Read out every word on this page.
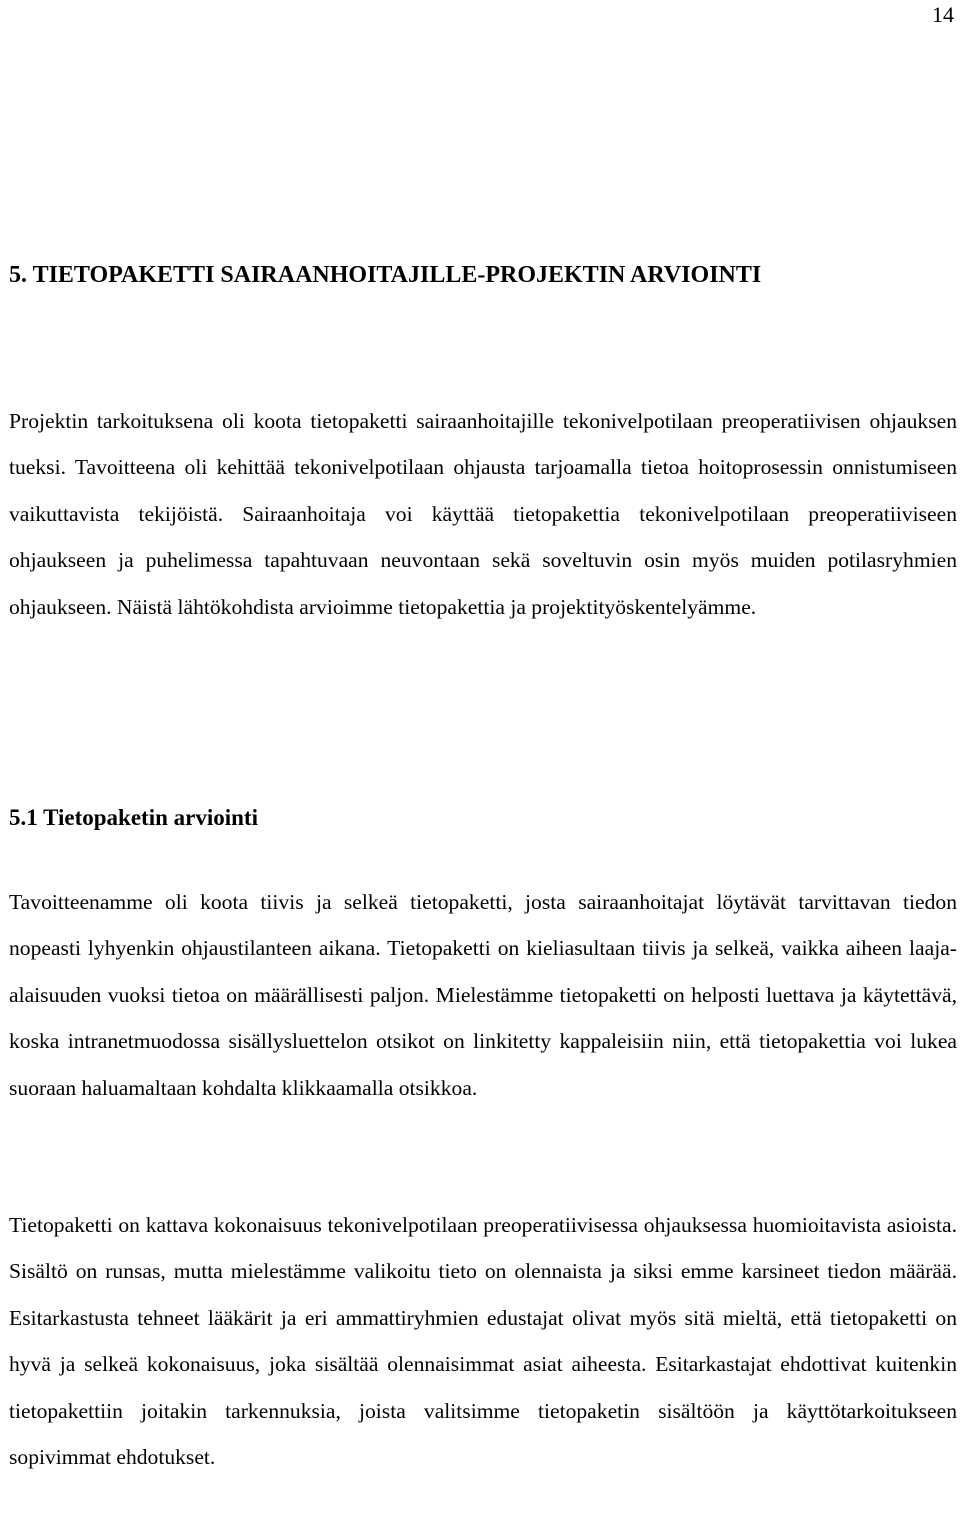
14
5. TIETOPAKETTI SAIRAANHOITAJILLE-PROJEKTIN ARVIOINTI

Projektin tarkoituksena oli koota tietopaketti sairaanhoitajille tekonivelpotilaan preoperatiivisen ohjauksen tueksi. Tavoitteena oli kehittää tekonivelpotilaan ohjausta tarjoamalla tietoa hoitoprosessin onnistumiseen vaikuttavista tekijöistä. Sairaanhoitaja voi käyttää tietopakettia tekonivelpotilaan preoperatiiviseen ohjaukseen ja puhelimessa tapahtuvaan neuvontaan sekä soveltuvin osin myös muiden potilasryhmien ohjaukseen. Näistä lähtökohdista arvioimme tietopakettia ja projektityöskentelyämme.

5.1 Tietopaketin arviointi

Tavoitteenamme oli koota tiivis ja selkeä tietopaketti, josta sairaanhoitajat löytävät tarvittavan tiedon nopeasti lyhyenkin ohjaustilanteen aikana. Tietopaketti on kieliasultaan tiivis ja selkeä, vaikka aiheen laaja-alaisuuden vuoksi tietoa on määrällisesti paljon. Mielestämme tietopaketti on helposti luettava ja käytettävä, koska intranetmuodossa sisällysluettelon otsikot on linkitetty kappaleisiin niin, että tietopakettia voi lukea suoraan haluamaltaan kohdalta klikkaamalla otsikkoa.

Tietopaketti on kattava kokonaisuus tekonivelpotilaan preoperatiivisessa ohjauksessa huomioitavista asioista. Sisältö on runsas, mutta mielestämme valikoitu tieto on olennaista ja siksi emme karsineet tiedon määrää. Esitarkastusta tehneet lääkärit ja eri ammattiryhmien edustajat olivat myös sitä mieltä, että tietopaketti on hyvä ja selkeä kokonaisuus, joka sisältää olennaisimmat asiat aiheesta. Esitarkastajat ehdottivat kuitenkin tietopakettiin joitakin tarkennuksia, joista valitsimme tietopaketin sisältöön ja käyttötarkoitukseen sopivimmat ehdotukset.
